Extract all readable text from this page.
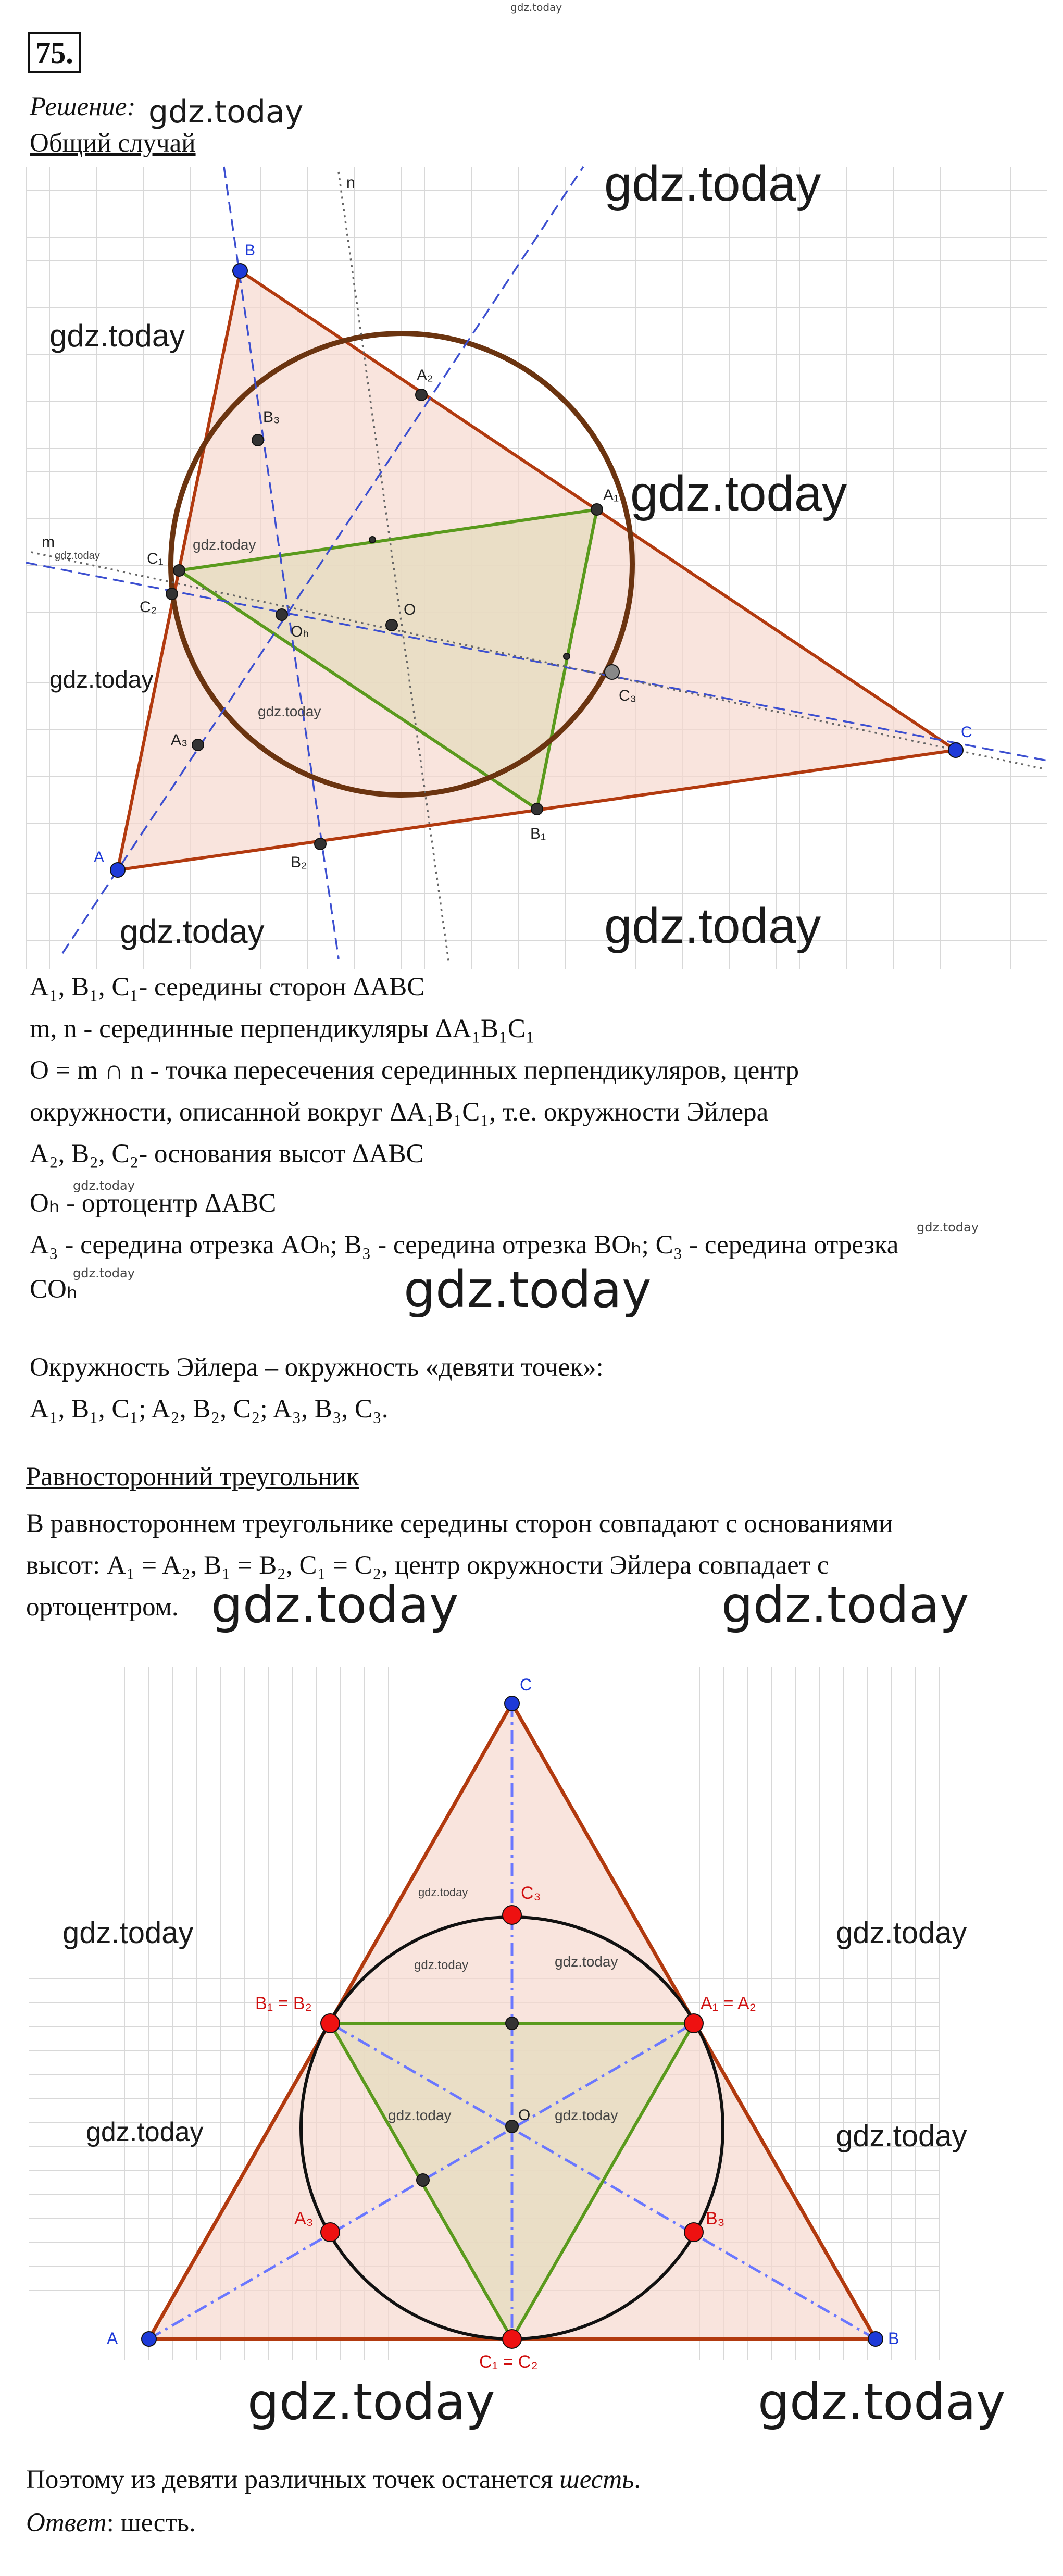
gdz.today
75.
Решение: gdz.today
Общий случай
B
C
A
A₂
B₃
A₁
C₁
C₂
Oₕ
O
C₃
A₃
B₁
B₂
m
n
gdz.today
gdz.today
gdz.today
gdz.today
gdz.today
gdz.today
gdz.today
gdz.today	gdz.today
A₁, B₁, C₁- середины сторон ΔABC
m, n - серединные перпендикуляры ΔA₁B₁C₁
O = m ∩ n - точка пересечения серединных перпендикуляров, центр
окружности, описанной вокруг ΔA₁B₁C₁, т.е. окружности Эйлера
A₂, B₂, C₂- основания высот ΔABC
gdz.today
Oₕ - ортоцентр ΔABC
gdz.today
A₃ - середина отрезка AOₕ; B₃ - середина отрезка BOₕ; C₃ - середина отрезка
gdz.today
COₕ	gdz.today
Окружность Эйлера – окружность «девяти точек»:
A₁, B₁, C₁; A₂, B₂, C₂; A₃, B₃, C₃.
Равносторонний треугольник
В равностороннем треугольнике середины сторон совпадают с основаниями
высот: A₁ = A₂, B₁ = B₂, C₁ = C₂, центр окружности Эйлера совпадает с
ортоцентром. gdz.today	gdz.today
C
A	B
C₃
B₁ = B₂	A₁ = A₂
A₃	B₃
C₁ = C₂
O
gdz.today
gdz.today	gdz.today
gdz.today	gdz.today
gdz.today	gdz.today
gdz.today	gdz.today
gdz.today	gdz.today
Поэтому из девяти различных точек останется шесть.
Ответ: шесть.
